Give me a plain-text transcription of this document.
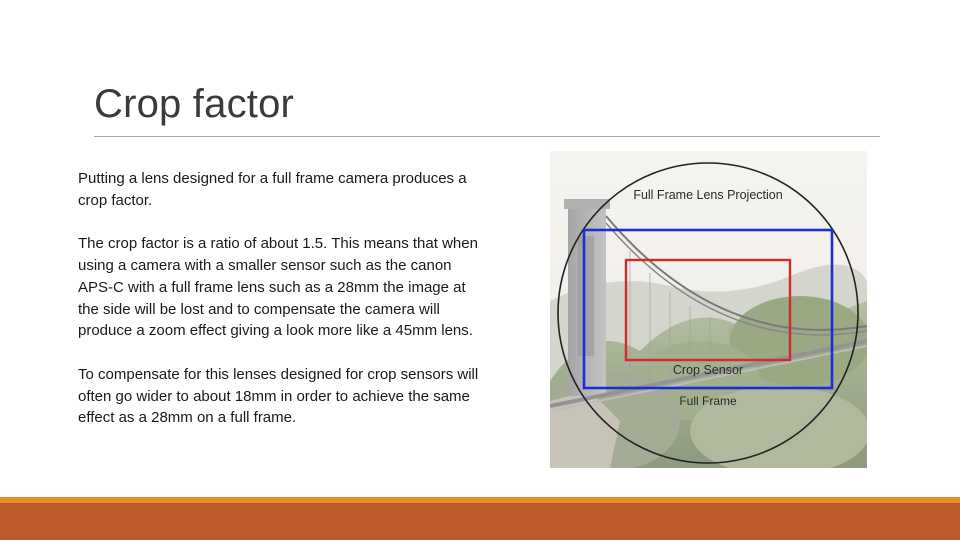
Crop factor

Putting a lens designed for a full frame camera produces a crop factor.

The crop factor is a ratio of about 1.5. This means that when using a camera with a smaller sensor such as the canon APS-C with a full frame lens such as a 28mm the image at the side will be lost and to compensate the camera will produce a zoom effect giving a look more like a 45mm lens.

To compensate for this lenses designed for crop sensors will often go wider to about 18mm in order to achieve the same effect as a 28mm on a full frame.

Full Frame Lens Projection
Crop Sensor
Full Frame
